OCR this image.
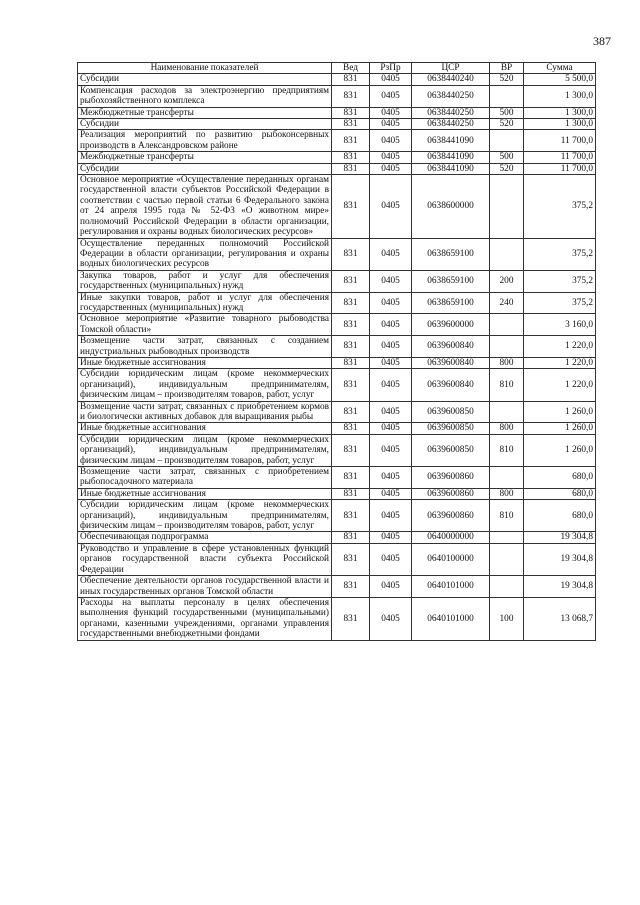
387
Наименование показателей	Вед	РзПр	ЦСР	ВР	Сумма
Субсидии	831	0405	0638440240	520	5 500,0
Компенсация расходов за электроэнергию предприятиям рыбохозяйственного комплекса	831	0405	0638440250		1 300,0
Межбюджетные трансферты	831	0405	0638440250	500	1 300,0
Субсидии	831	0405	0638440250	520	1 300,0
Реализация мероприятий по развитию рыбоконсервных производств в Александровском районе	831	0405	0638441090		11 700,0
Межбюджетные трансферты	831	0405	0638441090	500	11 700,0
Субсидии	831	0405	0638441090	520	11 700,0
Основное мероприятие «Осуществление переданных органам государственной власти субъектов Российской Федерации в соответствии с частью первой статьи 6 Федерального закона от 24 апреля 1995 года № 52-ФЗ «О животном мире» полномочий Российской Федерации в области организации, регулирования и охраны водных биологических ресурсов»	831	0405	0638600000		375,2
Осуществление переданных полномочий Российской Федерации в области организации, регулирования и охраны водных биологических ресурсов	831	0405	0638659100		375,2
Закупка товаров, работ и услуг для обеспечения государственных (муниципальных) нужд	831	0405	0638659100	200	375,2
Иные закупки товаров, работ и услуг для обеспечения государственных (муниципальных) нужд	831	0405	0638659100	240	375,2
Основное мероприятие «Развитие товарного рыбоводства Томской области»	831	0405	0639600000		3 160,0
Возмещение части затрат, связанных с созданием индустриальных рыбоводных производств	831	0405	0639600840		1 220,0
Иные бюджетные ассигнования	831	0405	0639600840	800	1 220,0
Субсидии юридическим лицам (кроме некоммерческих организаций), индивидуальным предпринимателям, физическим лицам – производителям товаров, работ, услуг	831	0405	0639600840	810	1 220,0
Возмещение части затрат, связанных с приобретением кормов и биологически активных добавок для выращивания рыбы	831	0405	0639600850		1 260,0
Иные бюджетные ассигнования	831	0405	0639600850	800	1 260,0
Субсидии юридическим лицам (кроме некоммерческих организаций), индивидуальным предпринимателям, физическим лицам – производителям товаров, работ, услуг	831	0405	0639600850	810	1 260,0
Возмещение части затрат, связанных с приобретением рыбопосадочного материала	831	0405	0639600860		680,0
Иные бюджетные ассигнования	831	0405	0639600860	800	680,0
Субсидии юридическим лицам (кроме некоммерческих организаций), индивидуальным предпринимателям, физическим лицам – производителям товаров, работ, услуг	831	0405	0639600860	810	680,0
Обеспечивающая подпрограмма	831	0405	0640000000		19 304,8
Руководство и управление в сфере установленных функций органов государственной власти субъекта Российской Федерации	831	0405	0640100000		19 304,8
Обеспечение деятельности органов государственной власти и иных государственных органов Томской области	831	0405	0640101000		19 304,8
Расходы на выплаты персоналу в целях обеспечения выполнения функций государственными (муниципальными) органами, казенными учреждениями, органами управления государственными внебюджетными фондами	831	0405	0640101000	100	13 068,7
